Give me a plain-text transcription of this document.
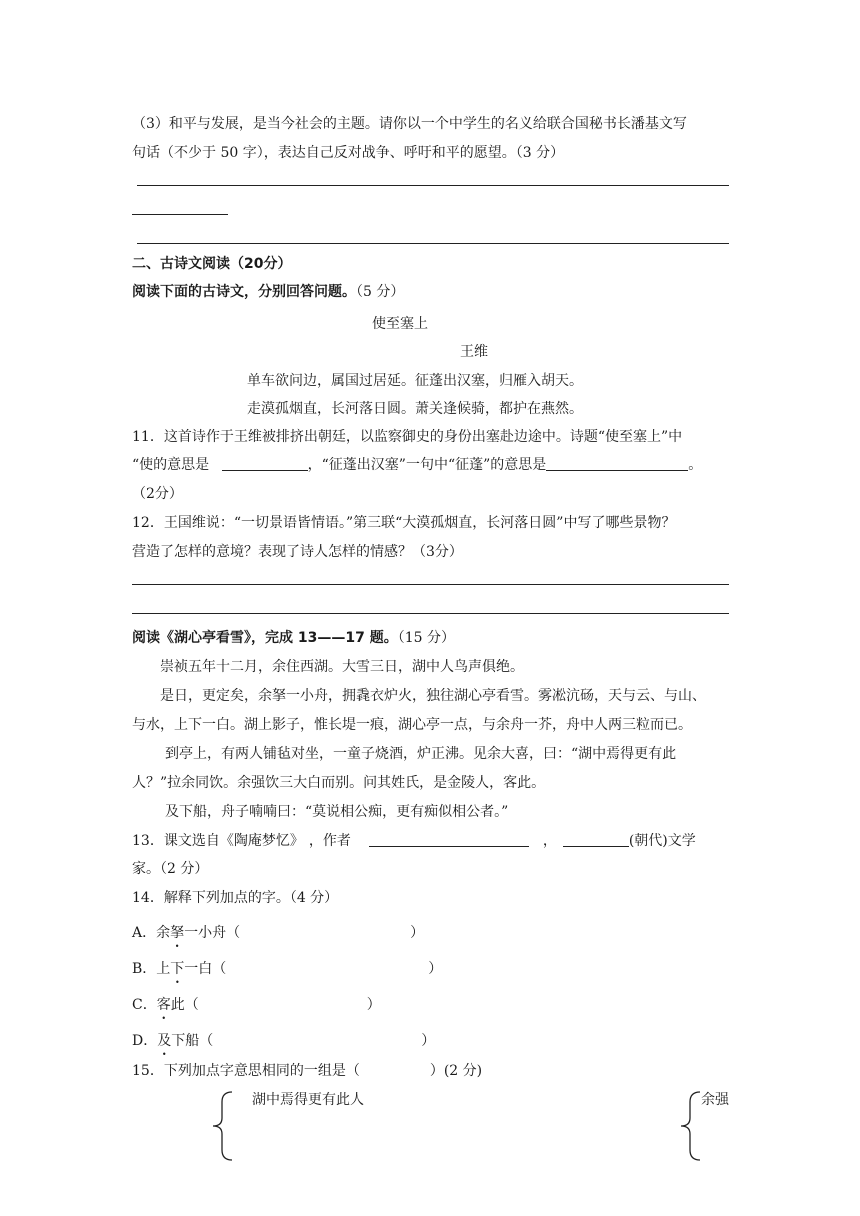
（3）和平与发展，是当今社会的主题。请你以一个中学生的名义给联合国秘书长潘基文写
句话（不少于 50 字），表达自己反对战争、呼吁和平的愿望。（3 分）
二、古诗文阅读（20分）
阅读下面的古诗文，分别回答问题。（5 分）
使至塞上
王维
单车欲问边，属国过居延。征蓬出汉塞，归雁入胡天。
走漠孤烟直，长河落日圆。萧关逢候骑，都护在燕然。
11．这首诗作于王维被排挤出朝廷，以监察御史的身份出塞赴边途中。诗题“使至塞上”中
“使的意思是	，“征蓬出汉塞”一句中“征蓬”的意思是	。
（2分）
12．王国维说：“一切景语皆情语。”第三联“大漠孤烟直，长河落日圆”中写了哪些景物？
营造了怎样的意境？表现了诗人怎样的情感？（3分）
阅读《湖心亭看雪》，完成 13——17 题。（15 分）
崇祯五年十二月，余住西湖。大雪三日，湖中人鸟声俱绝。
是日，更定矣，余拏一小舟，拥毳衣炉火，独往湖心亭看雪。雾凇沆砀，天与云、与山、
与水，上下一白。湖上影子，惟长堤一痕，湖心亭一点，与余舟一芥，舟中人两三粒而已。
到亭上，有两人铺毡对坐，一童子烧酒，炉正沸。见余大喜，曰：“湖中焉得更有此
人？”拉余同饮。余强饮三大白而别。问其姓氏，是金陵人，客此。
及下船，舟子喃喃曰：“莫说相公痴，更有痴似相公者。”
13．课文选自《陶庵梦忆》 ，作者	，	(朝代)文学
家。（2 分）
14．解释下列加点的字。（4 分）
A．余拏一小舟（	）
B．上下一白（	）
C．客此（	）
D．及下船（	）
15．下列加点字意思相同的一组是（	）(2 分)
湖中焉得更有此人	余强
